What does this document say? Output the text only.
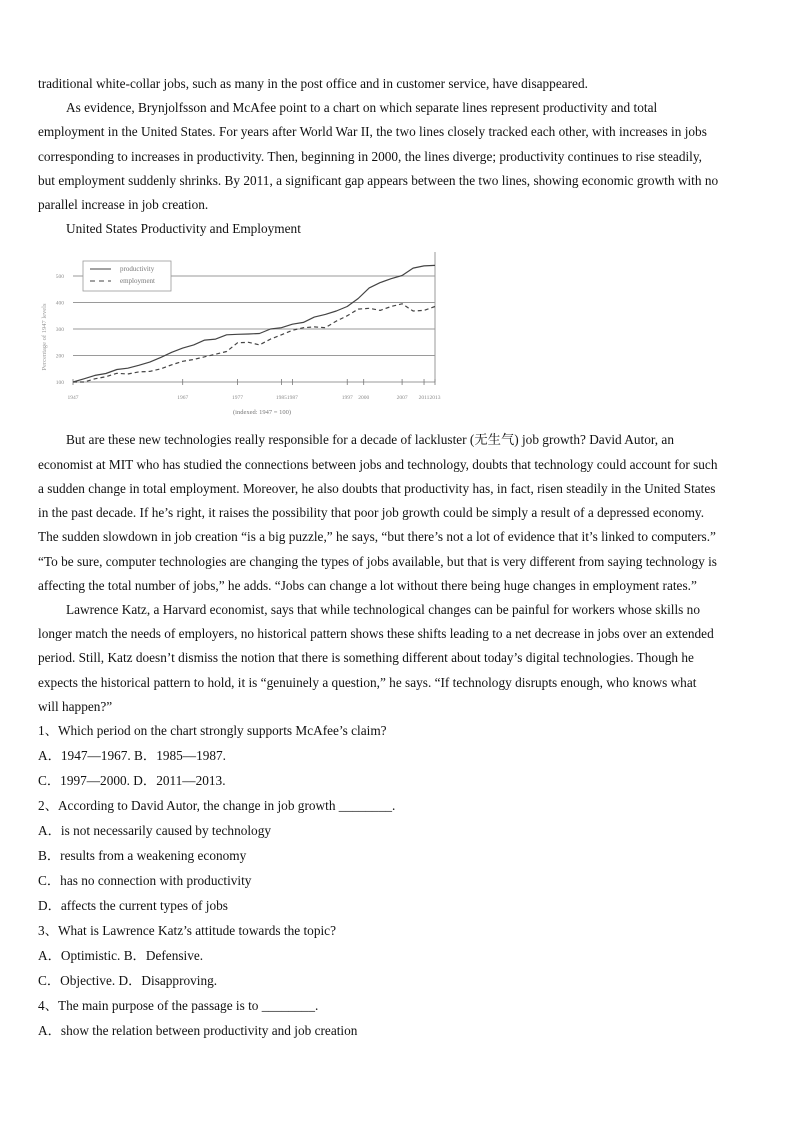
traditional white-collar jobs, such as many in the post office and in customer service, have disappeared.
As evidence, Brynjolfsson and McAfee point to a chart on which separate lines represent productivity and total
employment in the United States. For years after World War II, the two lines closely tracked each other, with increases in jobs
corresponding to increases in productivity. Then, beginning in 2000, the lines diverge; productivity continues to rise steadily,
but employment suddenly shrinks. By 2011, a significant gap appears between the two lines, showing economic growth with no
parallel increase in job creation.
United States Productivity and Employment
100
200
300
400
500
1947	1967	1977	1985 1987	1997 2000	2007 2011 2013
Percentage of 1947 levels
(indexed: 1947 = 100)
productivity
employment
But are these new technologies really responsible for a decade of lackluster (无生气) job growth? David Autor, an
economist at MIT who has studied the connections between jobs and technology, doubts that technology could account for such
a sudden change in total employment. Moreover, he also doubts that productivity has, in fact, risen steadily in the United States
in the past decade. If he’s right, it raises the possibility that poor job growth could be simply a result of a depressed economy.
The sudden slowdown in job creation “is a big puzzle,” he says, “but there’s not a lot of evidence that it’s linked to computers.”
“To be sure, computer technologies are changing the types of jobs available, but that is very different from saying technology is
affecting the total number of jobs,” he adds. “Jobs can change a lot without there being huge changes in employment rates.”
Lawrence Katz, a Harvard economist, says that while technological changes can be painful for workers whose skills no
longer match the needs of employers, no historical pattern shows these shifts leading to a net decrease in jobs over an extended
period. Still, Katz doesn’t dismiss the notion that there is something different about today’s digital technologies. Though he
expects the historical pattern to hold, it is “genuinely a question,” he says. “If technology disrupts enough, who knows what
will happen?”
1、Which period on the chart strongly supports McAfee’s claim?
A．1947—1967. B．1985—1987.
C．1997—2000. D．2011—2013.
2、According to David Autor, the change in job growth ________.
A．is not necessarily caused by technology
B．results from a weakening economy
C．has no connection with productivity
D．affects the current types of jobs
3、What is Lawrence Katz’s attitude towards the topic?
A．Optimistic. B．Defensive.
C．Objective. D．Disapproving.
4、The main purpose of the passage is to ________.
A．show the relation between productivity and job creation
